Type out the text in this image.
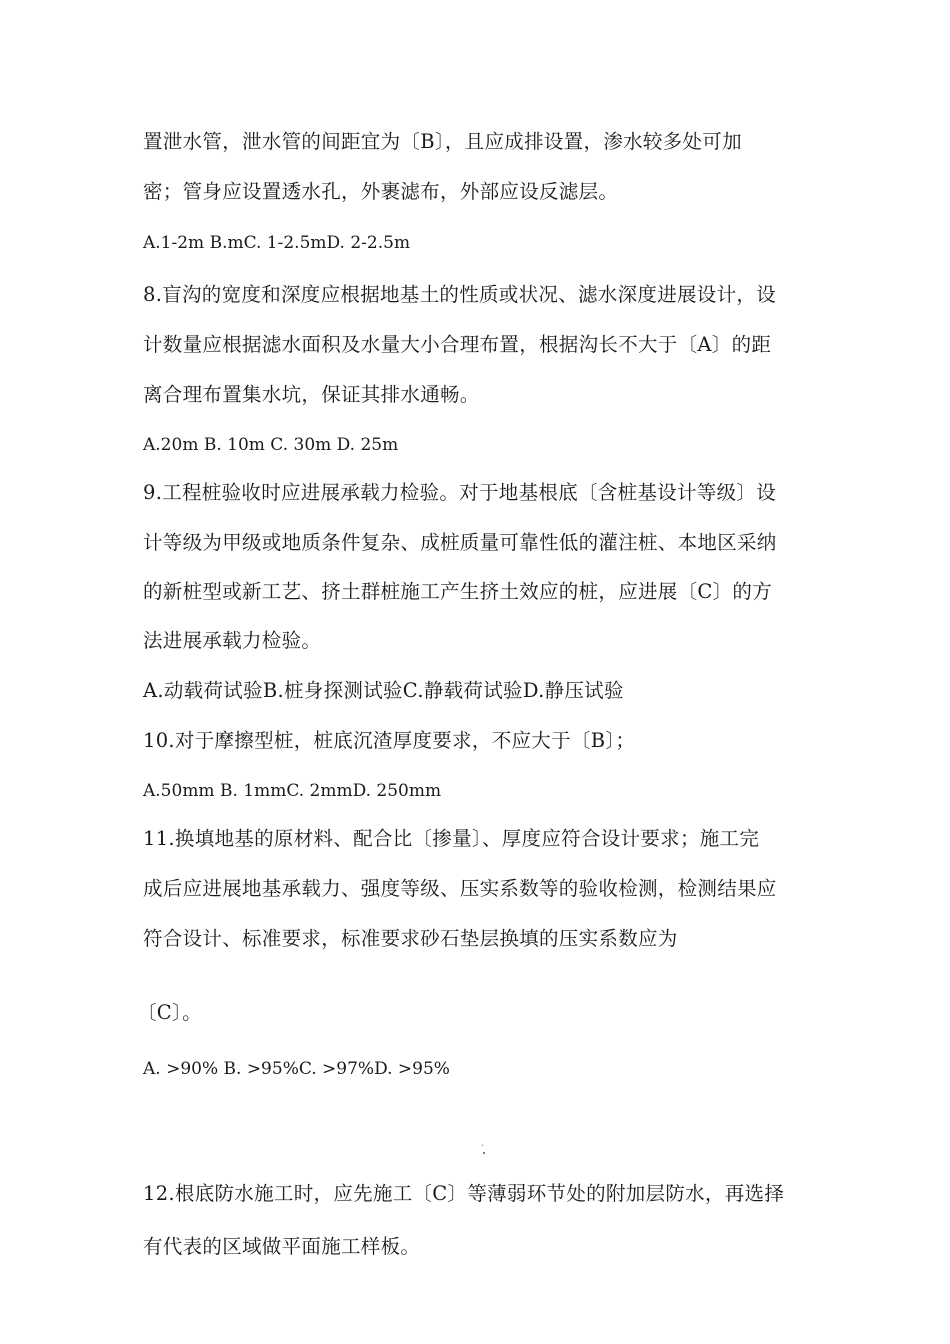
置泄水管，泄水管的间距宜为〔B〕，且应成排设置，渗水较多处可加
密；管身应设置透水孔，外裹滤布，外部应设反滤层。
A.1-2m B.mC. 1-2.5mD. 2-2.5m
8.盲沟的宽度和深度应根据地基土的性质或状况、滤水深度进展设计，设
计数量应根据滤水面积及水量大小合理布置，根据沟长不大于〔A〕的距
离合理布置集水坑，保证其排水通畅。
A.20m B. 10m C. 30m D. 25m
9.工程桩验收时应进展承载力检验。对于地基根底〔含桩基设计等级〕设
计等级为甲级或地质条件复杂、成桩质量可靠性低的灌注桩、本地区采纳
的新桩型或新工艺、挤土群桩施工产生挤土效应的桩，应进展〔C〕的方
法进展承载力检验。
A.动载荷试验B.桩身探测试验C.静载荷试验D.静压试验
10.对于摩擦型桩，桩底沉渣厚度要求，不应大于〔B〕；
A.50mm B. 1mmC. 2mmD. 250mm
11.换填地基的原材料、配合比〔掺量〕、厚度应符合设计要求；施工完
成后应进展地基承载力、强度等级、压实系数等的验收检测，检测结果应
符合设计、标准要求，标准要求砂石垫层换填的压实系数应为
〔C〕。
A. >90% B. >95%C. >97%D. >95%
.
12.根底防水施工时，应先施工〔C〕等薄弱环节处的附加层防水，再选择
有代表的区域做平面施工样板。
